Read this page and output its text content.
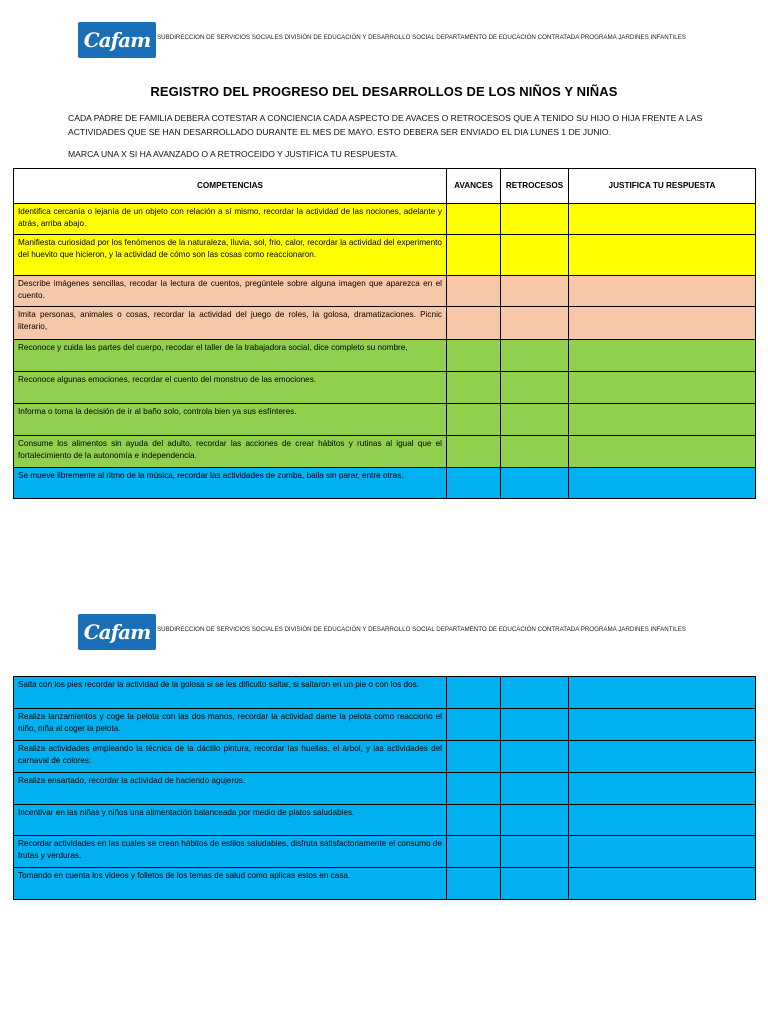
Cafam SUBDIRECCION DE SERVICIOS SOCIALES DIVISIÓN DE EDUCACIÓN Y DESARROLLO SOCIAL DEPARTAMENTO DE EDUCACIÓN CONTRATADA PROGRAMA JARDINES INFANTILES
REGISTRO DEL PROGRESO DEL DESARROLLOS DE LOS NIÑOS Y NIÑAS
CADA PADRE DE FAMILIA DEBERA COTESTAR A CONCIENCIA CADA ASPECTO DE AVACES O RETROCESOS QUE A TENIDO SU HIJO O HIJA FRENTE A LAS ACTIVIDADES QUE SE HAN DESARROLLADO DURANTE EL MES DE MAYO. ESTO DEBERA SER ENVIADO EL DIA LUNES 1 DE JUNIO.
MARCA UNA X SI HA AVANZADO O A RETROCEIDO Y JUSTIFICA TU RESPUESTA.
COMPETENCIAS	AVANCES	RETROCESOS	JUSTIFICA TU RESPUESTA
Identifica cercanía o lejanía de un objeto con relación a sí mismo, recordar la actividad de las nociones, adelante y atrás, arriba abajo.			
Manifiesta curiosidad por los fenómenos de la naturaleza, lluvia, sol, frio, calor, recordar la actividad del experimento del huevito que hicieron, y la actividad de cómo son las cosas como reaccionaron.			
Describe imágenes sencillas, recodar la lectura de cuentos, pregúntele sobre alguna imagen que aparezca en el cuento.			
Imita personas, animales o cosas, recordar la actividad del juego de roles, la golosa, dramatizaciones. Picnic literario,			
Reconoce y cuida las partes del cuerpo, recodar el taller de la trabajadora social, dice completo su nombre,			
Reconoce algunas emociones, recordar el cuento del monstruo de las emociones.			
Informa o toma la decisión de ir al baño solo, controla bien ya sus esfínteres.			
Consume los alimentos sin ayuda del adulto, recordar las acciones de crear hábitos y rutinas al igual que el fortalecimiento de la autonomía e independencia.			
Se mueve libremente al ritmo de la música, recordar las actividades de zumba, baila sin parar, entre otras.			
Cafam SUBDIRECCION DE SERVICIOS SOCIALES DIVISIÓN DE EDUCACIÓN Y DESARROLLO SOCIAL DEPARTAMENTO DE EDUCACIÓN CONTRATADA PROGRAMA JARDINES INFANTILES
Salta con los pies recordar la actividad de la golosa si se les dificulto saltar, si saltaron en un pie o con los dos.			
Realiza lanzamientos y coge la pelota con las dos manos, recordar la actividad dame la pelota como reacciono el niño, niña al coger la pelota.			
Realiza actividades empleando la técnica de la dáctilo pintura, recordar las huellas, el árbol, y las actividades del carnaval de colores.			
Realiza ensartado, recordar la actividad de haciendo agujeros.			
Incentivar en las niñas y niños una alimentación balanceada por medio de platos saludables.			
Recordar actividades en las cuales se crean hábitos de estilos saludables, disfruta satisfactoriamente el consumo de frutas y verduras.			
Tomando en cuenta los videos y folletos de los temas de salud como aplicas estos en casa.			
